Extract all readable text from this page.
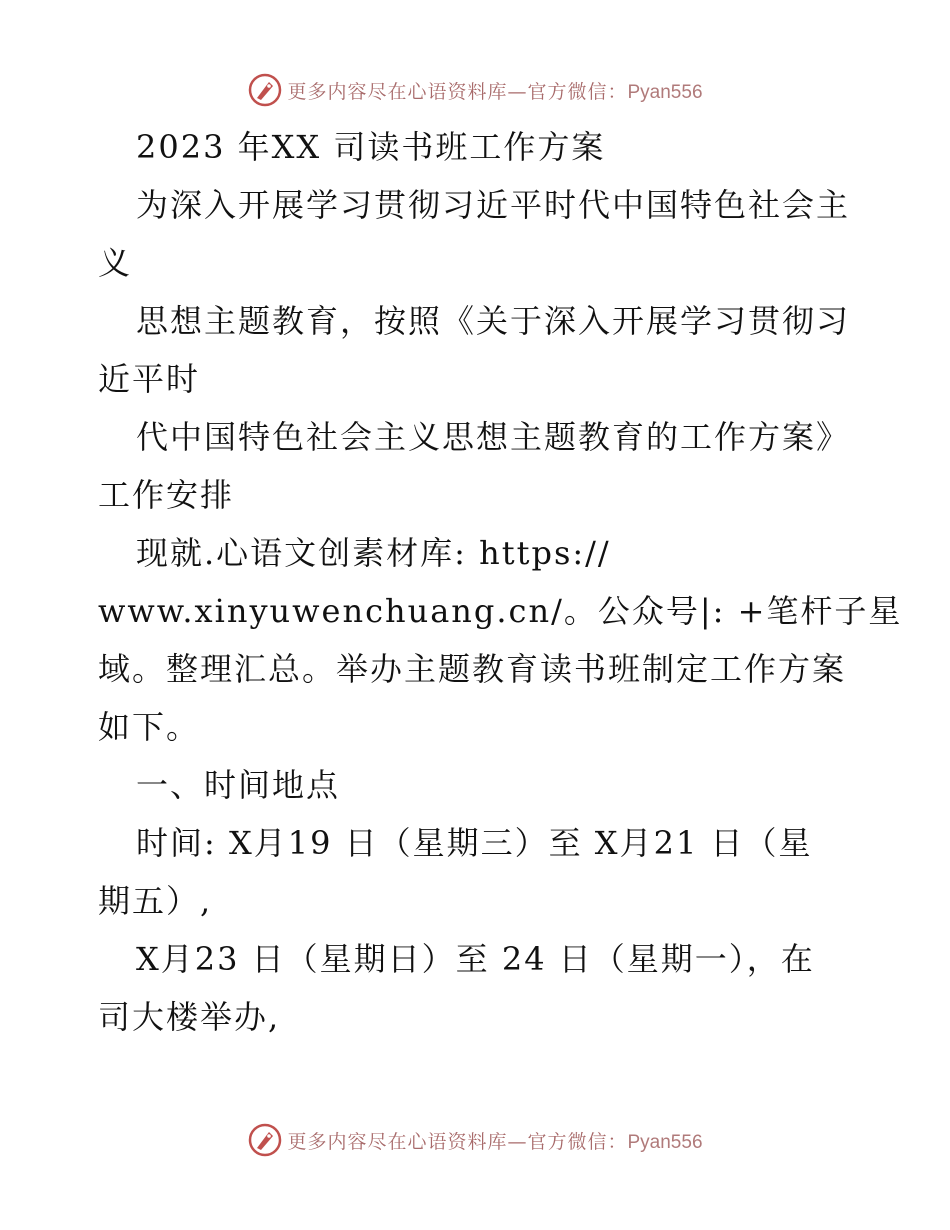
更多内容尽在心语资料库—官方微信：Pyan556
2023 年XX 司读书班工作方案
为深入开展学习贯彻习近平时代中国特色社会主
义
思想主题教育，按照《关于深入开展学习贯彻习
近平时
代中国特色社会主义思想主题教育的工作方案》
工作安排
现就.心语文创素材库: https://
www.xinyuwenchuang.cn/。公众号|: +笔杆子星
域。整理汇总。举办主题教育读书班制定工作方案
如下。
一、时间地点
时间: X月19 日（星期三）至 X月21 日（星
期五）,
X月23 日（星期日）至 24 日（星期一），在
司大楼举办,
更多内容尽在心语资料库—官方微信：Pyan556
